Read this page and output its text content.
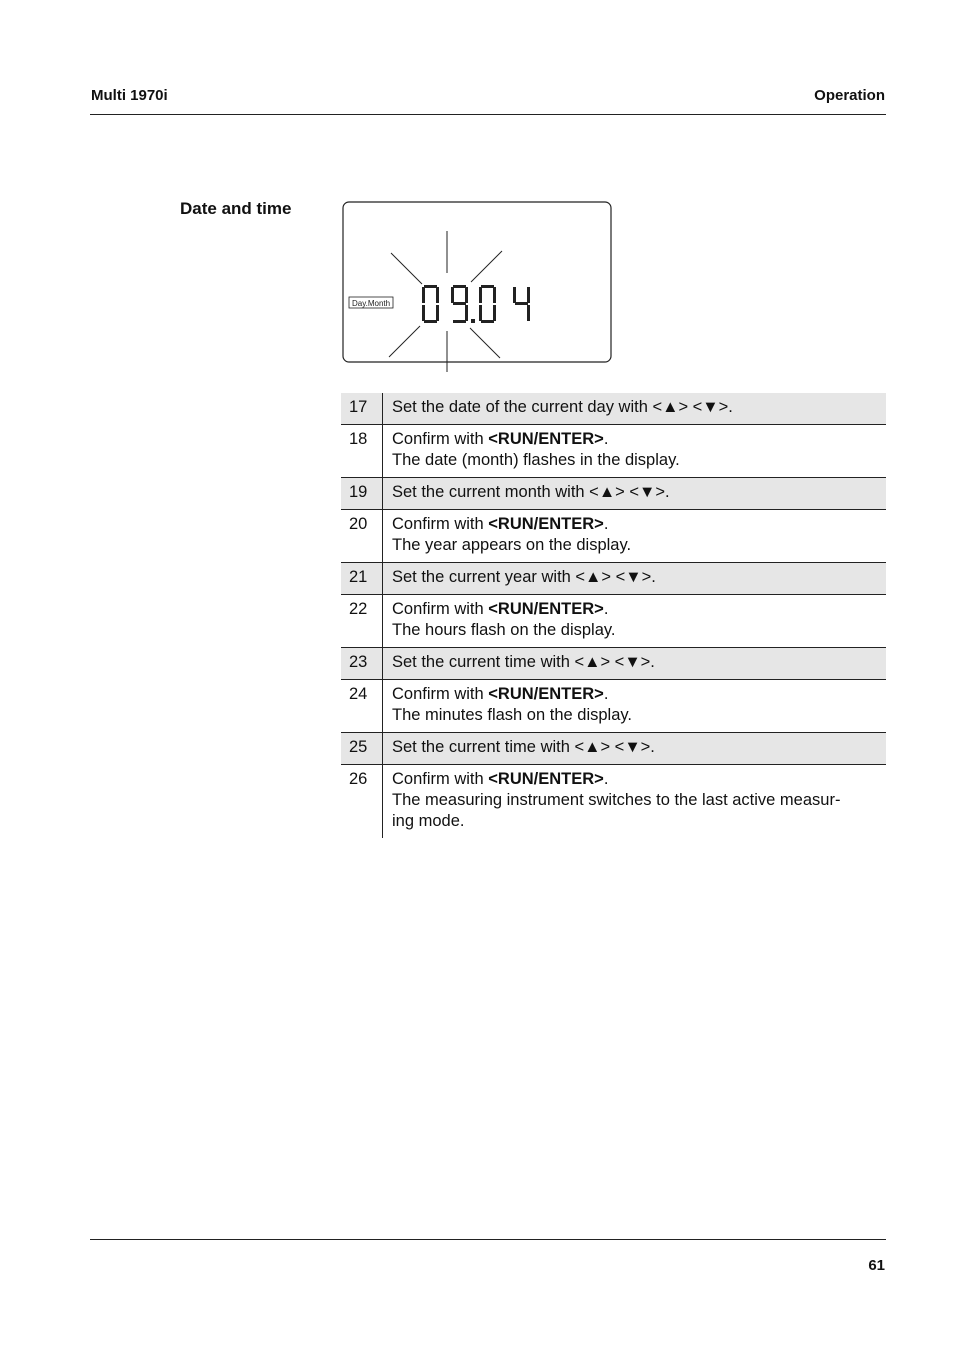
Multi 1970i	Operation
Date and time
Day.Month
17	Set the date of the current day with <▲> <▼>.
18	Confirm with <RUN/ENTER>.
The date (month) flashes in the display.
19	Set the current month with <▲> <▼>.
20	Confirm with <RUN/ENTER>.
The year appears on the display.
21	Set the current year with <▲> <▼>.
22	Confirm with <RUN/ENTER>.
The hours flash on the display.
23	Set the current time with <▲> <▼>.
24	Confirm with <RUN/ENTER>.
The minutes flash on the display.
25	Set the current time with <▲> <▼>.
26	Confirm with <RUN/ENTER>.
The measuring instrument switches to the last active measur-
ing mode.
61
